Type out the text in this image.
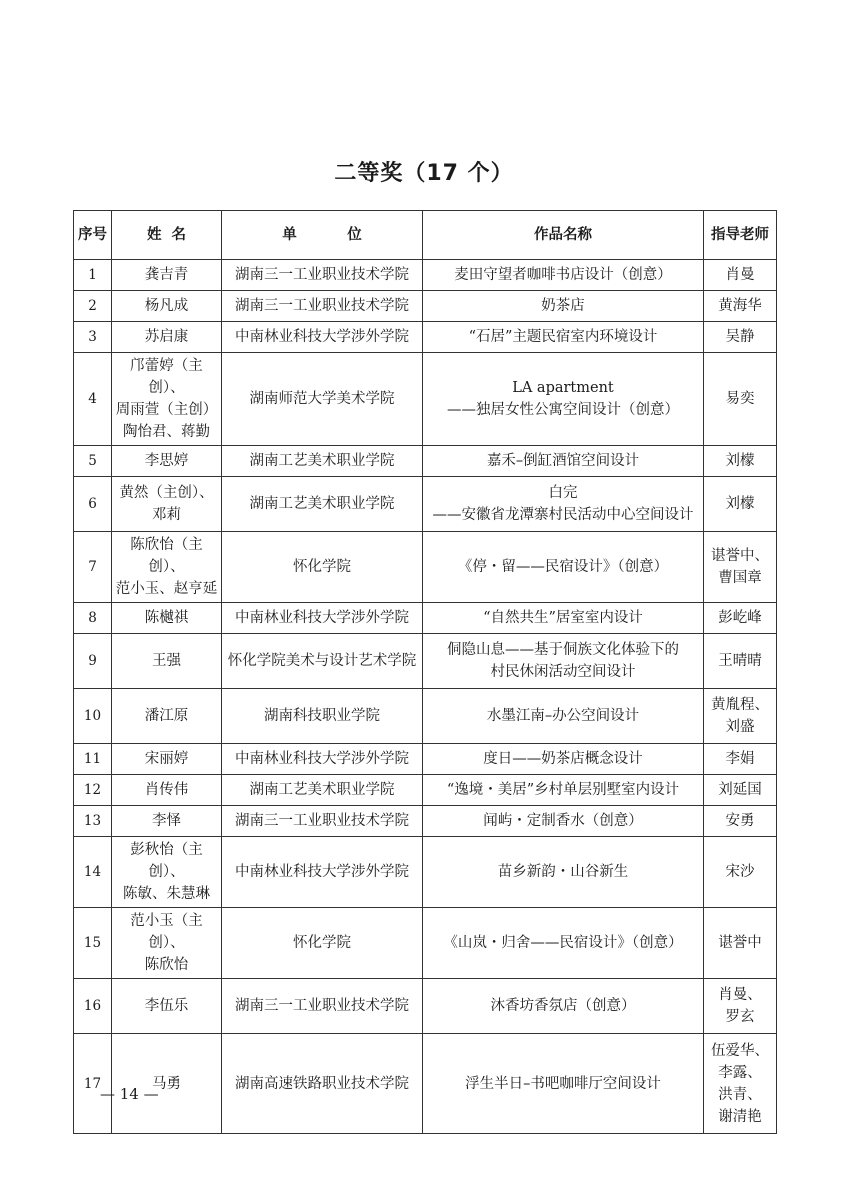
二等奖（17 个）
序号	姓  名	单          位	作品名称	指导老师

1	龚吉青	湖南三一工业职业技术学院	麦田守望者咖啡书店设计（创意）	肖曼

2	杨凡成	湖南三一工业职业技术学院	奶茶店	黄海华

3	苏启康	中南林业科技大学涉外学院	“石居”主题民宿室内环境设计	吴静

4	邝蕾婷（主创）、
周雨萱（主创）
陶怡君、蒋勤	湖南师范大学美术学院	LA apartment
——独居女性公寓空间设计（创意）	易奕

5	李思婷	湖南工艺美术职业学院	嘉禾–倒缸酒馆空间设计	刘檬

6	黄然（主创）、
邓莉	湖南工艺美术职业学院	白完
——安徽省龙潭寨村民活动中心空间设计	刘檬

7	陈欣怡（主创）、
范小玉、赵亨延	怀化学院	《停・留——民宿设计》（创意）	谌誉中、
曹国章

8	陈樾祺	中南林业科技大学涉外学院	“自然共生”居室室内设计	彭屹峰

9	王强	怀化学院美术与设计艺术学院	侗隐山息——基于侗族文化体验下的
村民休闲活动空间设计	王晴晴

10	潘江原	湖南科技职业学院	水墨江南–办公空间设计	黄胤程、
刘盛

11	宋丽婷	中南林业科技大学涉外学院	度日——奶茶店概念设计	李娟

12	肖传伟	湖南工艺美术职业学院	“逸境・美居”乡村单层别墅室内设计	刘延国

13	李怿	湖南三一工业职业技术学院	闻屿・定制香水（创意）	安勇

14	彭秋怡（主创）、
陈敏、朱慧琳	中南林业科技大学涉外学院	苗乡新韵・山谷新生	宋沙

15	范小玉（主创）、
陈欣怡	怀化学院	《山岚・归舍——民宿设计》（创意）	谌誉中

16	李伍乐	湖南三一工业职业技术学院	沐香坊香氛店（创意）	肖曼、
罗玄

17	马勇	湖南高速铁路职业技术学院	浮生半日–书吧咖啡厅空间设计	伍爱华、
李露、
洪青、
谢清艳
— 14 —
